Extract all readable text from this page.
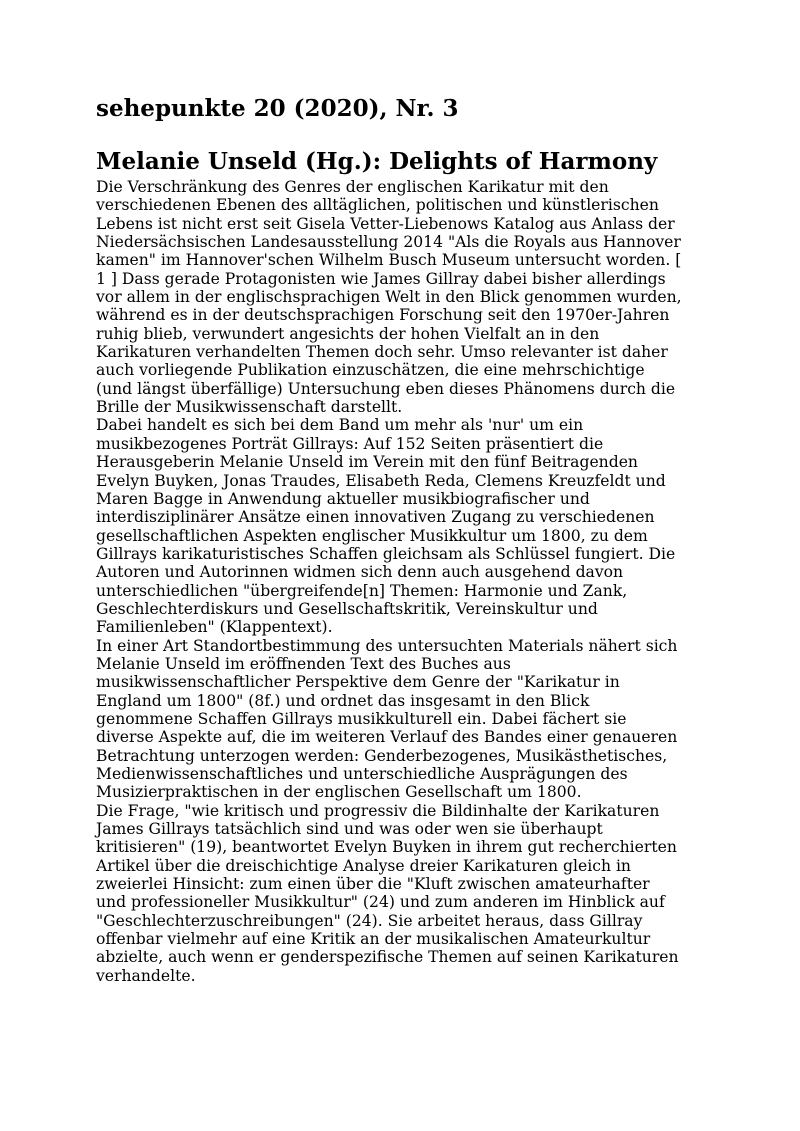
sehepunkte 20 (2020), Nr. 3
Melanie Unseld (Hg.): Delights of Harmony

Die Verschränkung des Genres der englischen Karikatur mit den
verschiedenen Ebenen des alltäglichen, politischen und künstlerischen
Lebens ist nicht erst seit Gisela Vetter-Liebenows Katalog aus Anlass der
Niedersächsischen Landesausstellung 2014 "Als die Royals aus Hannover
kamen" im Hannover'schen Wilhelm Busch Museum untersucht worden. [
1 ] Dass gerade Protagonisten wie James Gillray dabei bisher allerdings
vor allem in der englischsprachigen Welt in den Blick genommen wurden,
während es in der deutschsprachigen Forschung seit den 1970er-Jahren
ruhig blieb, verwundert angesichts der hohen Vielfalt an in den
Karikaturen verhandelten Themen doch sehr. Umso relevanter ist daher
auch vorliegende Publikation einzuschätzen, die eine mehrschichtige
(und längst überfällige) Untersuchung eben dieses Phänomens durch die
Brille der Musikwissenschaft darstellt.

Dabei handelt es sich bei dem Band um mehr als 'nur' um ein
musikbezogenes Porträt Gillrays: Auf 152 Seiten präsentiert die
Herausgeberin Melanie Unseld im Verein mit den fünf Beitragenden
Evelyn Buyken, Jonas Traudes, Elisabeth Reda, Clemens Kreuzfeldt und
Maren Bagge in Anwendung aktueller musikbiografischer und
interdisziplinärer Ansätze einen innovativen Zugang zu verschiedenen
gesellschaftlichen Aspekten englischer Musikkultur um 1800, zu dem
Gillrays karikaturistisches Schaffen gleichsam als Schlüssel fungiert. Die
Autoren und Autorinnen widmen sich denn auch ausgehend davon
unterschiedlichen "übergreifende[n] Themen: Harmonie und Zank,
Geschlechterdiskurs und Gesellschaftskritik, Vereinskultur und
Familienleben" (Klappentext).

In einer Art Standortbestimmung des untersuchten Materials nähert sich
Melanie Unseld im eröffnenden Text des Buches aus
musikwissenschaftlicher Perspektive dem Genre der "Karikatur in
England um 1800" (8f.) und ordnet das insgesamt in den Blick
genommene Schaffen Gillrays musikkulturell ein. Dabei fächert sie
diverse Aspekte auf, die im weiteren Verlauf des Bandes einer genaueren
Betrachtung unterzogen werden: Genderbezogenes, Musikästhetisches,
Medienwissenschaftliches und unterschiedliche Ausprägungen des
Musizierpraktischen in der englischen Gesellschaft um 1800.

Die Frage, "wie kritisch und progressiv die Bildinhalte der Karikaturen
James Gillrays tatsächlich sind und was oder wen sie überhaupt
kritisieren" (19), beantwortet Evelyn Buyken in ihrem gut recherchierten
Artikel über die dreischichtige Analyse dreier Karikaturen gleich in
zweierlei Hinsicht: zum einen über die "Kluft zwischen amateurhafter
und professioneller Musikkultur" (24) und zum anderen im Hinblick auf
"Geschlechterzuschreibungen" (24). Sie arbeitet heraus, dass Gillray
offenbar vielmehr auf eine Kritik an der musikalischen Amateurkultur
abzielte, auch wenn er genderspezifische Themen auf seinen Karikaturen
verhandelte.
